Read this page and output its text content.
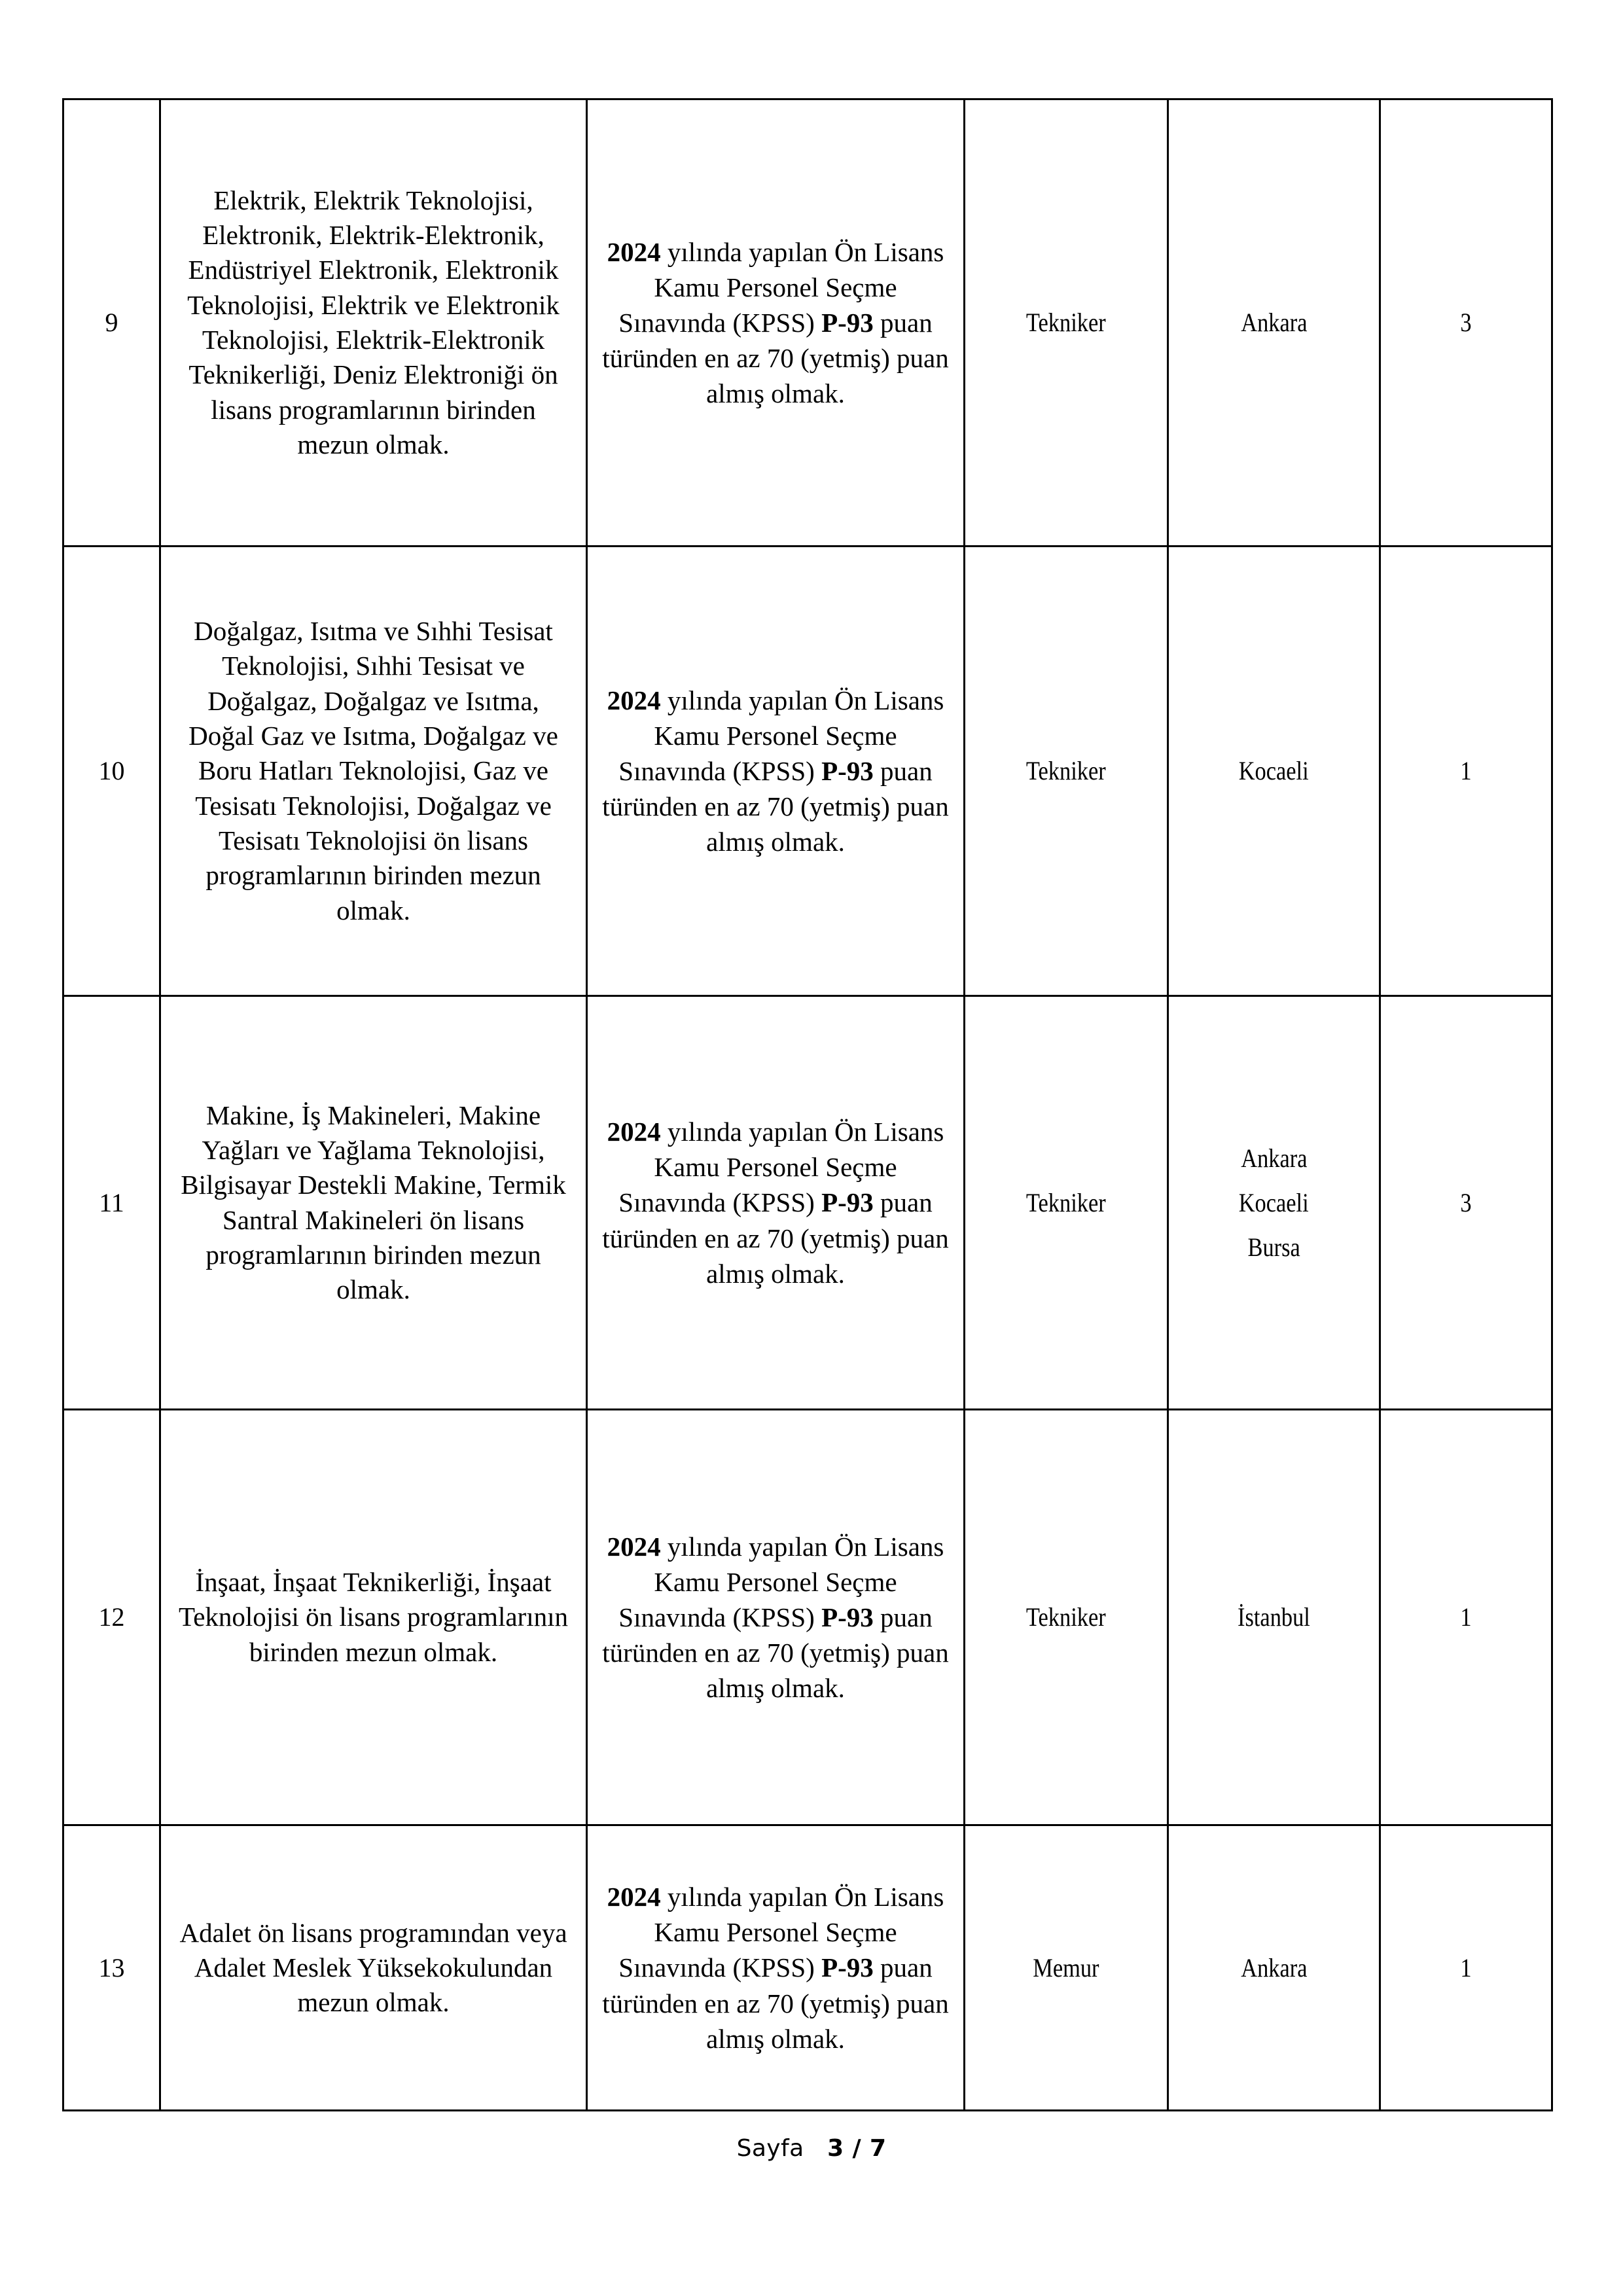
9	Elektrik, Elektrik Teknolojisi, Elektronik, Elektrik-Elektronik, Endüstriyel Elektronik, Elektronik Teknolojisi, Elektrik ve Elektronik Teknolojisi, Elektrik-Elektronik Teknikerliği, Deniz Elektroniği ön lisans programlarının birinden mezun olmak.	2024 yılında yapılan Ön Lisans Kamu Personel Seçme Sınavında (KPSS) P-93 puan türünden en az 70 (yetmiş) puan almış olmak.	Tekniker	Ankara	3
10	Doğalgaz, Isıtma ve Sıhhi Tesisat Teknolojisi, Sıhhi Tesisat ve Doğalgaz, Doğalgaz ve Isıtma, Doğal Gaz ve Isıtma, Doğalgaz ve Boru Hatları Teknolojisi, Gaz ve Tesisatı Teknolojisi, Doğalgaz ve Tesisatı Teknolojisi ön lisans programlarının birinden mezun olmak.	2024 yılında yapılan Ön Lisans Kamu Personel Seçme Sınavında (KPSS) P-93 puan türünden en az 70 (yetmiş) puan almış olmak.	Tekniker	Kocaeli	1
11	Makine, İş Makineleri, Makine Yağları ve Yağlama Teknolojisi, Bilgisayar Destekli Makine, Termik Santral Makineleri ön lisans programlarının birinden mezun olmak.	2024 yılında yapılan Ön Lisans Kamu Personel Seçme Sınavında (KPSS) P-93 puan türünden en az 70 (yetmiş) puan almış olmak.	Tekniker	Ankara
Kocaeli
Bursa	3
12	İnşaat, İnşaat Teknikerliği, İnşaat Teknolojisi ön lisans programlarının birinden mezun olmak.	2024 yılında yapılan Ön Lisans Kamu Personel Seçme Sınavında (KPSS) P-93 puan türünden en az 70 (yetmiş) puan almış olmak.	Tekniker	İstanbul	1
13	Adalet ön lisans programından veya Adalet Meslek Yüksekokulundan mezun olmak.	2024 yılında yapılan Ön Lisans Kamu Personel Seçme Sınavında (KPSS) P-93 puan türünden en az 70 (yetmiş) puan almış olmak.	Memur	Ankara	1
Sayfa 3 / 7
